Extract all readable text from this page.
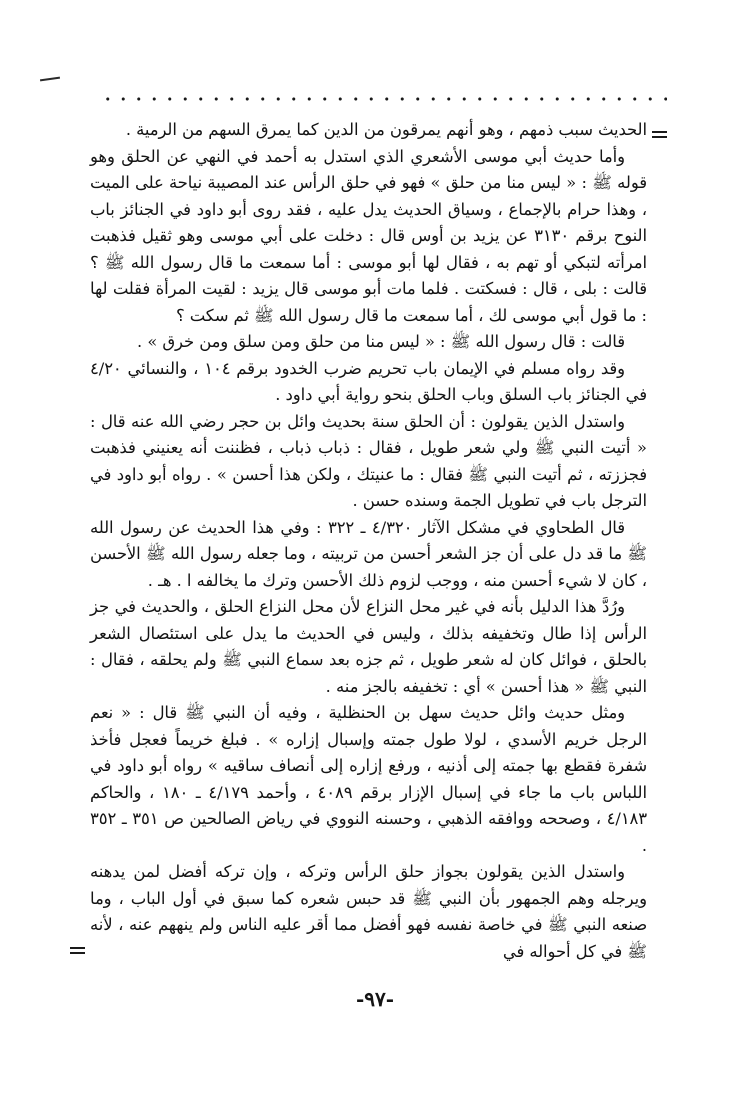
الحديث سبب ذمهم ، وهو أنهم يمرقون من الدين كما يمرق السهم من الرمية .

وأما حديث أبي موسى الأشعري الذي استدل به أحمد في النهي عن الحلق وهو قوله ﷺ : « ليس منا من حلق » فهو في حلق الرأس عند المصيبة نياحة على الميت ، وهذا حرام بالإجماع ، وسياق الحديث يدل عليه ، فقد روى أبو داود في الجنائز باب النوح برقم ٣١٣٠ عن يزيد بن أوس قال : دخلت على أبي موسى وهو ثقيل فذهبت امرأته لتبكي أو تهم به ، فقال لها أبو موسى : أما سمعت ما قال رسول الله ﷺ ؟ قالت : بلى ، قال : فسكتت . فلما مات أبو موسى قال يزيد : لقيت المرأة فقلت لها : ما قول أبي موسى لك ، أما سمعت ما قال رسول الله ﷺ ثم سكت ؟

قالت : قال رسول الله ﷺ : « ليس منا من حلق ومن سلق ومن خرق » .

وقد رواه مسلم في الإيمان باب تحريم ضرب الخدود برقم ١٠٤ ، والنسائي ٤/٢٠ في الجنائز باب السلق وباب الحلق بنحو رواية أبي داود .

واستدل الذين يقولون : أن الحلق سنة بحديث وائل بن حجر رضي الله عنه قال : « أتيت النبي ﷺ ولي شعر طويل ، فقال : ذباب ذباب ، فظننت أنه يعنيني فذهبت فجززته ، ثم أتيت النبي ﷺ فقال : ما عنيتك ، ولكن هذا أحسن » . رواه أبو داود في الترجل باب في تطويل الجمة وسنده حسن .

قال الطحاوي في مشكل الآثار ٤/٣٢٠ ـ ٣٢٢ : وفي هذا الحديث عن رسول الله ﷺ ما قد دل على أن جز الشعر أحسن من تربيته ، وما جعله رسول الله ﷺ الأحسن ، كان لا شيء أحسن منه ، ووجب لزوم ذلك الأحسن وترك ما يخالفه ا . هـ .

ورُدَّ هذا الدليل بأنه في غير محل النزاع لأن محل النزاع الحلق ، والحديث في جز الرأس إذا طال وتخفيفه بذلك ، وليس في الحديث ما يدل على استئصال الشعر بالحلق ، فوائل كان له شعر طويل ، ثم جزه بعد سماع النبي ﷺ ولم يحلقه ، فقال : النبي ﷺ « هذا أحسن » أي : تخفيفه بالجز منه .

ومثل حديث وائل حديث سهل بن الحنظلية ، وفيه أن النبي ﷺ قال : « نعم الرجل خريم الأسدي ، لولا طول جمته وإسبال إزاره » . فبلغ خريماً فعجل فأخذ شفرة فقطع بها جمته إلى أذنيه ، ورفع إزاره إلى أنصاف ساقيه » رواه أبو داود في اللباس باب ما جاء في إسبال الإزار برقم ٤٠٨٩ ، وأحمد ٤/١٧٩ ـ ١٨٠ ، والحاكم ٤/١٨٣ ، وصححه ووافقه الذهبي ، وحسنه النووي في رياض الصالحين ص ٣٥١ ـ ٣٥٢ .

واستدل الذين يقولون بجواز حلق الرأس وتركه ، وإن تركه أفضل لمن يدهنه ويرجله وهم الجمهور بأن النبي ﷺ قد حبس شعره كما سبق في أول الباب ، وما صنعه النبي ﷺ في خاصة نفسه فهو أفضل مما أقر عليه الناس ولم ينههم عنه ، لأنه ﷺ في كل أحواله في

-٩٧-
